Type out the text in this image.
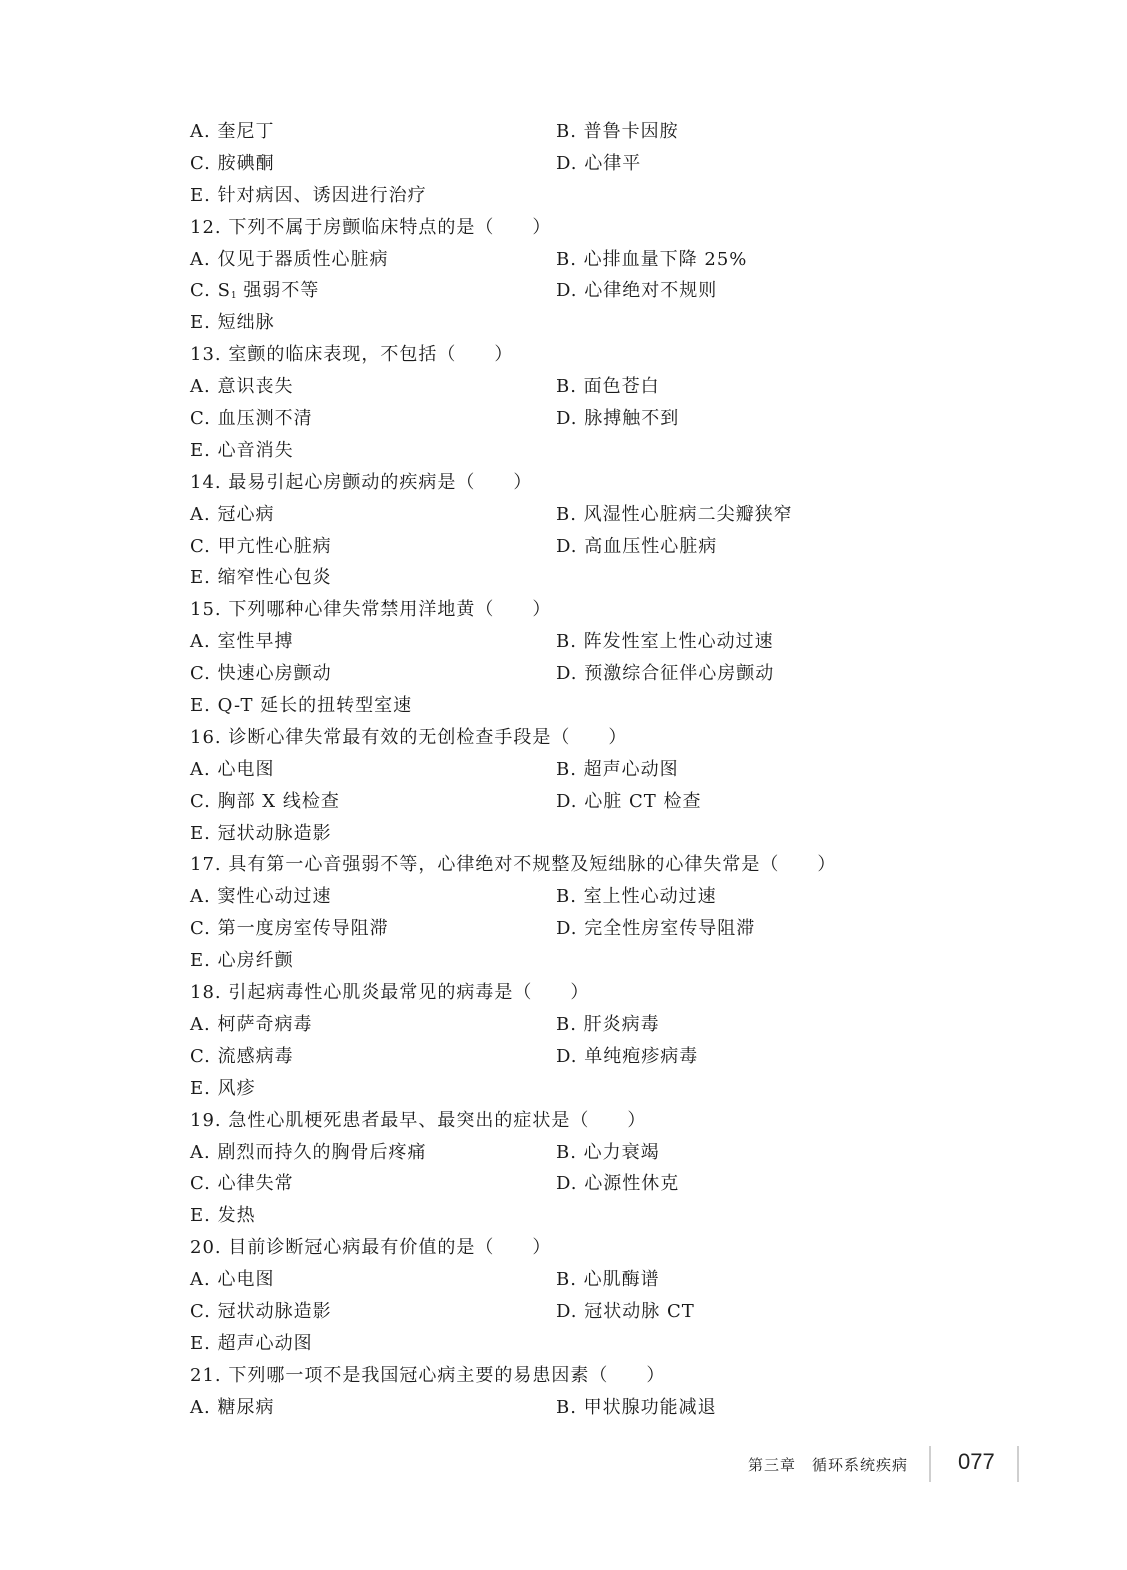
A. 奎尼丁	B. 普鲁卡因胺
C. 胺碘酮	D. 心律平
E. 针对病因、诱因进行治疗
12. 下列不属于房颤临床特点的是（　　）
A. 仅见于器质性心脏病	B. 心排血量下降 25%
C. $S_1$ 强弱不等	D. 心律绝对不规则
E. 短绌脉
13. 室颤的临床表现，不包括（　　）
A. 意识丧失	B. 面色苍白
C. 血压测不清	D. 脉搏触不到
E. 心音消失
14. 最易引起心房颤动的疾病是（　　）
A. 冠心病	B. 风湿性心脏病二尖瓣狭窄
C. 甲亢性心脏病	D. 高血压性心脏病
E. 缩窄性心包炎
15. 下列哪种心律失常禁用洋地黄（　　）
A. 室性早搏	B. 阵发性室上性心动过速
C. 快速心房颤动	D. 预激综合征伴心房颤动
E. Q-T 延长的扭转型室速
16. 诊断心律失常最有效的无创检查手段是（　　）
A. 心电图	B. 超声心动图
C. 胸部 X 线检查	D. 心脏 CT 检查
E. 冠状动脉造影
17. 具有第一心音强弱不等，心律绝对不规整及短绌脉的心律失常是（　　）
A. 窦性心动过速	B. 室上性心动过速
C. 第一度房室传导阻滞	D. 完全性房室传导阻滞
E. 心房纤颤
18. 引起病毒性心肌炎最常见的病毒是（　　）
A. 柯萨奇病毒	B. 肝炎病毒
C. 流感病毒	D. 单纯疱疹病毒
E. 风疹
19. 急性心肌梗死患者最早、最突出的症状是（　　）
A. 剧烈而持久的胸骨后疼痛	B. 心力衰竭
C. 心律失常	D. 心源性休克
E. 发热
20. 目前诊断冠心病最有价值的是（　　）
A. 心电图	B. 心肌酶谱
C. 冠状动脉造影	D. 冠状动脉 CT
E. 超声心动图
21. 下列哪一项不是我国冠心病主要的易患因素（　　）
A. 糖尿病	B. 甲状腺功能减退
第三章　循环系统疾病 077
